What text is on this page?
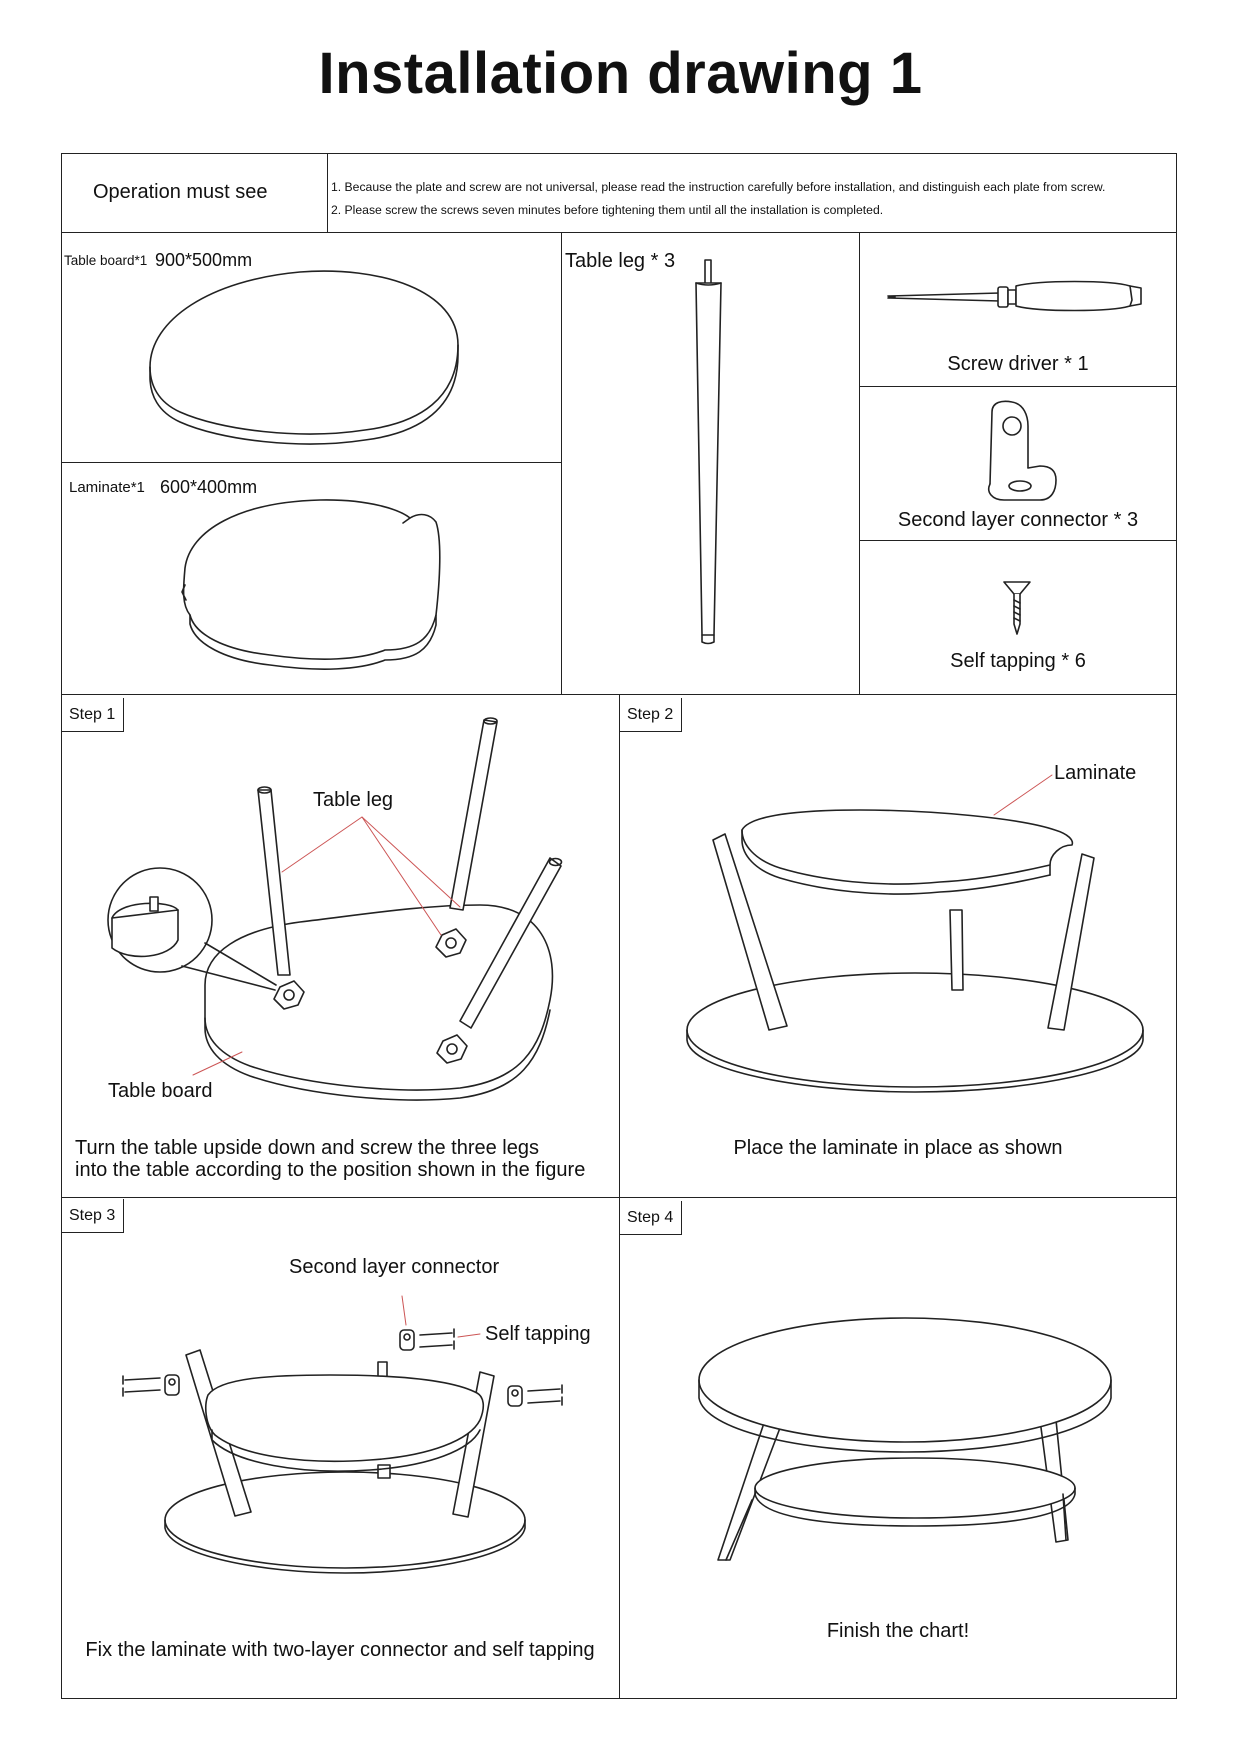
Installation drawing 1
Operation must see	1. Because the plate and screw are not universal, please read the instruction carefully before installation, and distinguish each plate from screw.
2. Please screw the screws seven minutes before tightening them until all the installation is completed.
Table board*1 900*500mm
Laminate*1 600*400mm
Table leg * 3
Screw driver * 1
Second layer connector * 3
Self tapping * 6
Step 1	Step 2
Step 3	Step 4
Table leg
Table board
Laminate
Second layer connector
Self tapping
Turn the table upside down and screw the three legs
into the table according to the position shown in the figure
Place the laminate in place as shown
Fix the laminate with two-layer connector and self tapping
Finish the chart!
